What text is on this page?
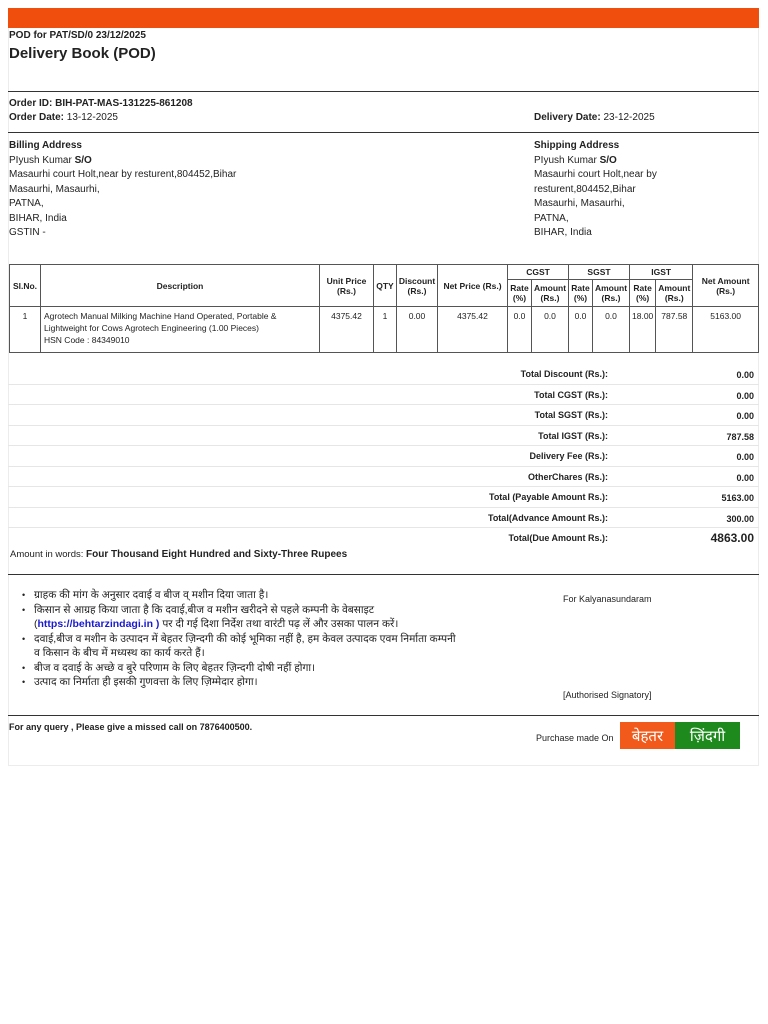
POD for PAT/SD/0 23/12/2025
Delivery Book (POD)
Order ID: BIH-PAT-MAS-131225-861208
Order Date: 13-12-2025	Delivery Date: 23-12-2025
Billing Address
PIyush Kumar S/O
Masaurhi court Holt,near by resturent,804452,Bihar
Masaurhi, Masaurhi,
PATNA,
BIHAR, India
GSTIN -
Shipping Address
PIyush Kumar S/O
Masaurhi court Holt,near by
resturent,804452,Bihar
Masaurhi, Masaurhi,
PATNA,
BIHAR, India
Sl.No.	Description	Unit Price (Rs.)	QTY	Discount (Rs.)	Net Price (Rs.)	CGST		SGST		IGST		Net Amount (Rs.)
						Rate (%)	Amount (Rs.)	Rate (%)	Amount (Rs.)	Rate (%)	Amount (Rs.)	
1	Agrotech Manual Milking Machine Hand Operated, Portable & Lightweight for Cows Agrotech Engineering (1.00 Pieces)
HSN Code : 84349010	4375.42	1	0.00	4375.42	0.0	0.0	0.0	0.0	18.00	787.58	5163.00
Total Discount (Rs.):	0.00
Total CGST (Rs.):	0.00
Total SGST (Rs.):	0.00
Total IGST (Rs.):	787.58
Delivery Fee (Rs.):	0.00
OtherChares (Rs.):	0.00
Total (Payable Amount Rs.):	5163.00
Total(Advance Amount Rs.):	300.00
Total(Due Amount Rs.):	4863.00
Amount in words: Four Thousand Eight Hundred and Sixty-Three Rupees
• ग्राहक की मांग के अनुसार दवाई व बीज व् मशीन दिया जाता है।
• किसान से आग्रह किया जाता है कि दवाई,बीज व मशीन खरीदने से पहले कम्पनी के वेबसाइट (https://behtarzindagi.in ) पर दी गई दिशा निर्देश तथा वारंटी पढ़ लें और उसका पालन करें।
• दवाई,बीज व मशीन के उत्पादन में बेहतर ज़िन्दगी की कोई भूमिका नहीं है, हम केवल उत्पादक एवम निर्माता कम्पनी व किसान के बीच में मध्यस्थ का कार्य करते हैं।
• बीज व दवाई के अच्छे व बुरे परिणाम के लिए बेहतर ज़िन्दगी दोषी नहीं होगा।
• उत्पाद का निर्माता ही इसकी गुणवत्ता के लिए ज़िम्मेदार होगा।
For Kalyanasundaram
[Authorised Signatory]
For any query , Please give a missed call on 7876400500.
Purchase made On	बेहतर	ज़िंदगी
